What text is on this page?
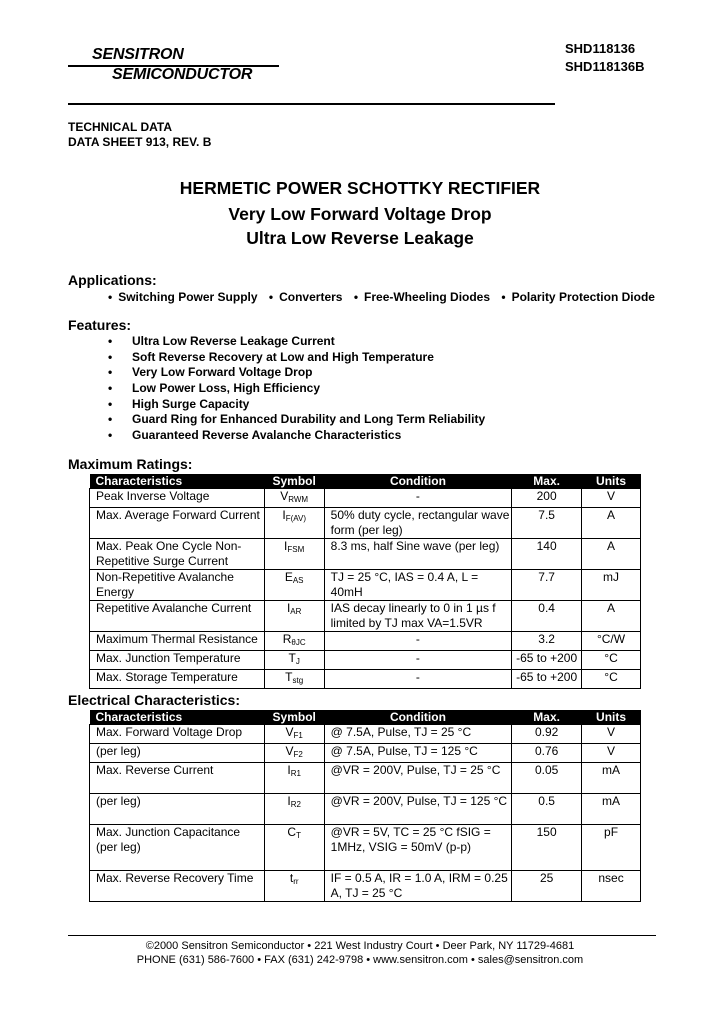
SENSITRON
SEMICONDUCTOR
SHD118136
SHD118136B
TECHNICAL DATA
DATA SHEET 913, REV. B
HERMETIC POWER SCHOTTKY RECTIFIER
Very Low Forward Voltage Drop
Ultra Low Reverse Leakage
Applications:
• Switching Power Supply • Converters • Free-Wheeling Diodes • Polarity Protection Diode
Features:
• Ultra Low Reverse Leakage Current
• Soft Reverse Recovery at Low and High Temperature
• Very Low Forward Voltage Drop
• Low Power Loss, High Efficiency
• High Surge Capacity
• Guard Ring for Enhanced Durability and Long Term Reliability
• Guaranteed Reverse Avalanche Characteristics
Maximum Ratings:
Characteristics	Symbol	Condition	Max.	Units
Peak Inverse Voltage	$V_{RWM}$	-	200	V
Max. Average Forward Current	$I_{F(AV)}$	50% duty cycle, rectangular wave form (per leg)	7.5	A
Max. Peak One Cycle Non-Repetitive Surge Current	$I_{FSM}$	8.3 ms, half Sine wave (per leg)	140	A
Non-Repetitive Avalanche Energy	$E_{AS}$	TJ = 25 °C, IAS = 0.4 A, L = 40mH	7.7	mJ
Repetitive Avalanche Current	$I_{AR}$	IAS decay linearly to 0 in 1 µs f limited by TJ max VA=1.5VR	0.4	A
Maximum Thermal Resistance	$R_{\theta JC}$	-	3.2	°C/W
Max. Junction Temperature	$T_J$	-	-65 to +200	°C
Max. Storage Temperature	$T_{stg}$	-	-65 to +200	°C
Electrical Characteristics:
Characteristics	Symbol	Condition	Max.	Units
Max. Forward Voltage Drop	$V_{F1}$	@ 7.5A, Pulse, TJ = 25 °C	0.92	V
(per leg)	$V_{F2}$	@ 7.5A, Pulse, TJ = 125 °C	0.76	V
Max. Reverse Current	$I_{R1}$	@VR = 200V, Pulse, TJ = 25 °C	0.05	mA
(per leg)	$I_{R2}$	@VR = 200V, Pulse, TJ = 125 °C	0.5	mA
Max. Junction Capacitance (per leg)	$C_T$	@VR = 5V, TC = 25 °C fSIG = 1MHz, VSIG = 50mV (p-p)	150	pF
Max. Reverse Recovery Time	$t_{rr}$	IF = 0.5 A, IR = 1.0 A, IRM = 0.25 A, TJ = 25 °C	25	nsec
©2000 Sensitron Semiconductor • 221 West Industry Court • Deer Park, NY 11729-4681
PHONE (631) 586-7600 • FAX (631) 242-9798 • www.sensitron.com • sales@sensitron.com
